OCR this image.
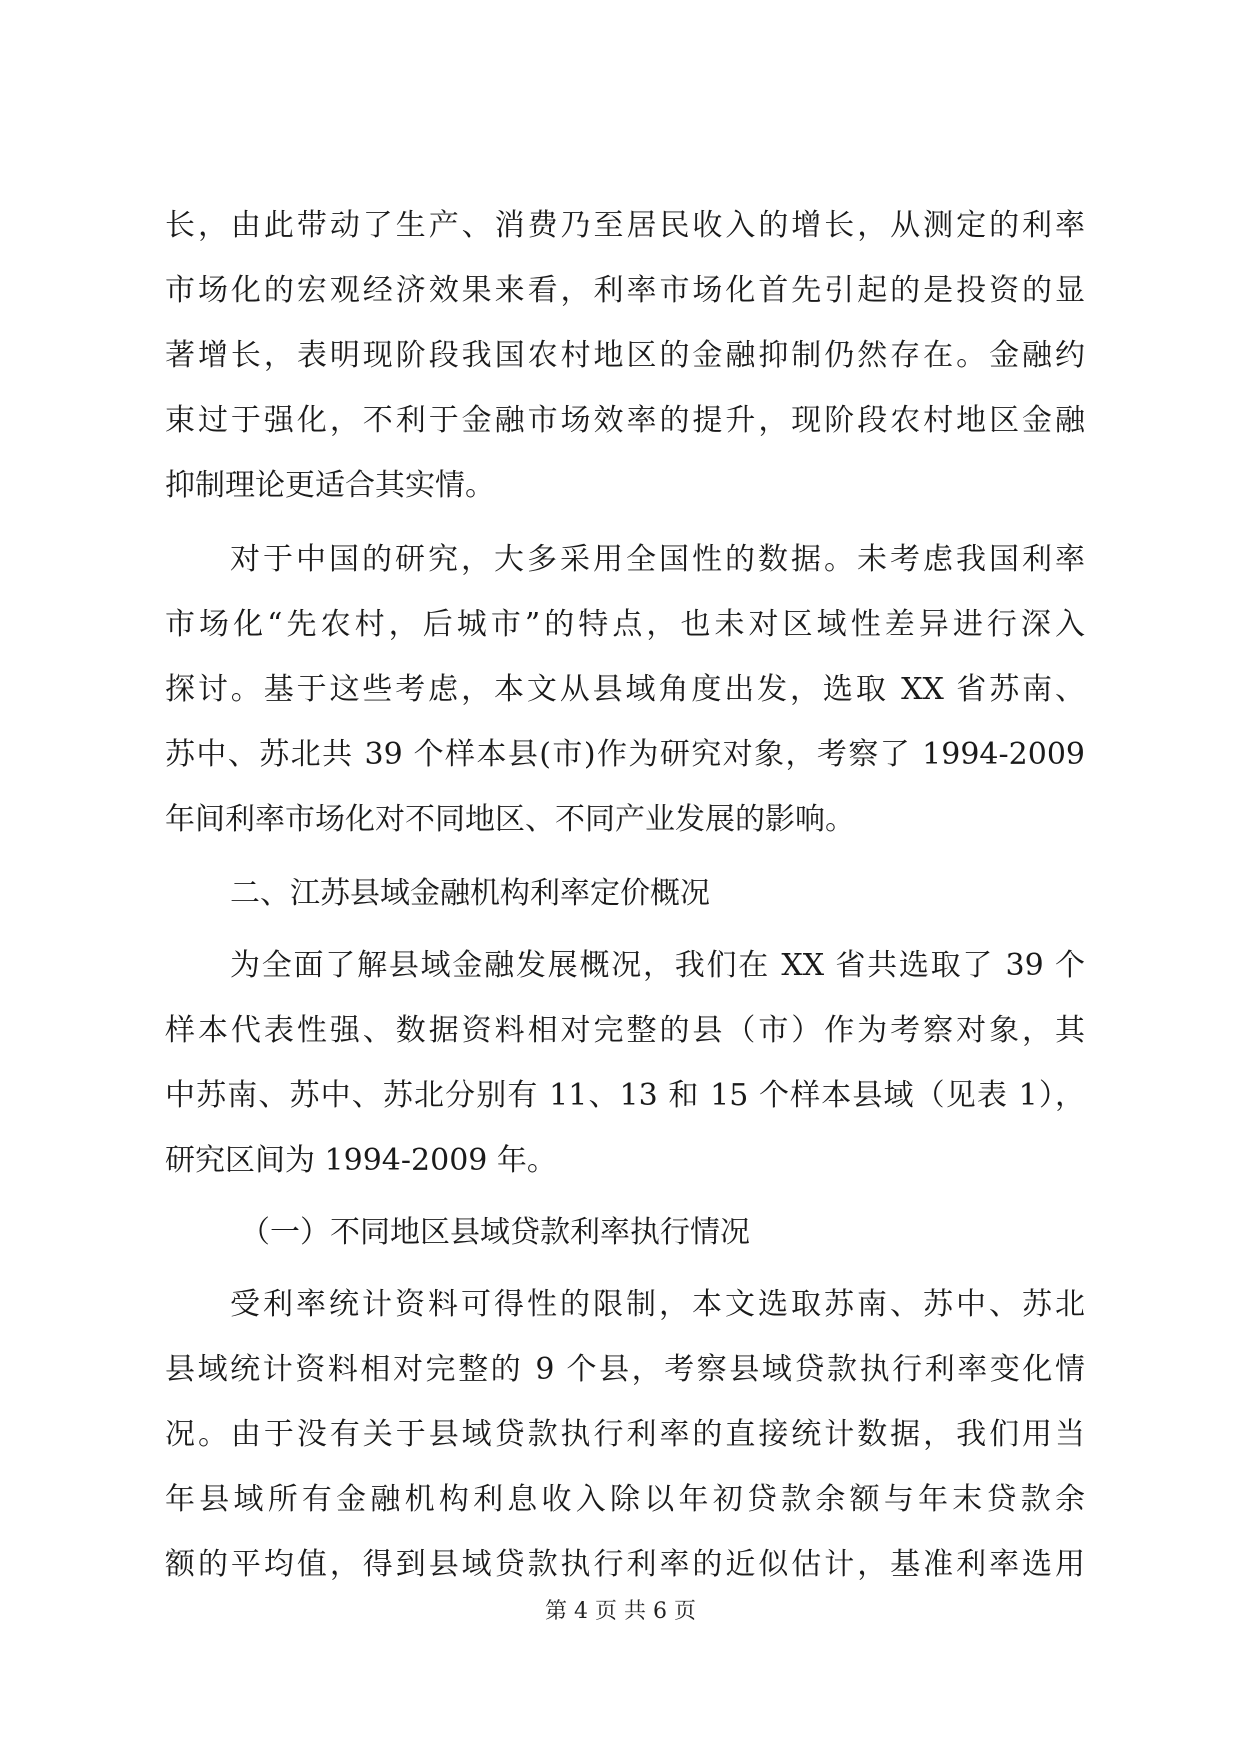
长，由此带动了生产、消费乃至居民收入的增长，从测定的利率
市场化的宏观经济效果来看，利率市场化首先引起的是投资的显
著增长，表明现阶段我国农村地区的金融抑制仍然存在。金融约
束过于强化，不利于金融市场效率的提升，现阶段农村地区金融
抑制理论更适合其实情。
对于中国的研究，大多采用全国性的数据。未考虑我国利率
市场化“先农村，后城市”的特点，也未对区域性差异进行深入
探讨。基于这些考虑，本文从县域角度出发，选取 XX 省苏南、
苏中、苏北共 39 个样本县(市)作为研究对象，考察了 1994-2009
年间利率市场化对不同地区、不同产业发展的影响。
二、江苏县域金融机构利率定价概况
为全面了解县域金融发展概况，我们在 XX 省共选取了 39 个
样本代表性强、数据资料相对完整的县（市）作为考察对象，其
中苏南、苏中、苏北分别有 11、13 和 15 个样本县域（见表 1），
研究区间为 1994-2009 年。
（一）不同地区县域贷款利率执行情况
受利率统计资料可得性的限制，本文选取苏南、苏中、苏北
县域统计资料相对完整的 9 个县，考察县域贷款执行利率变化情
况。由于没有关于县域贷款执行利率的直接统计数据，我们用当
年县域所有金融机构利息收入除以年初贷款余额与年末贷款余
额的平均值，得到县域贷款执行利率的近似估计，基准利率选用
第 4 页 共 6 页
